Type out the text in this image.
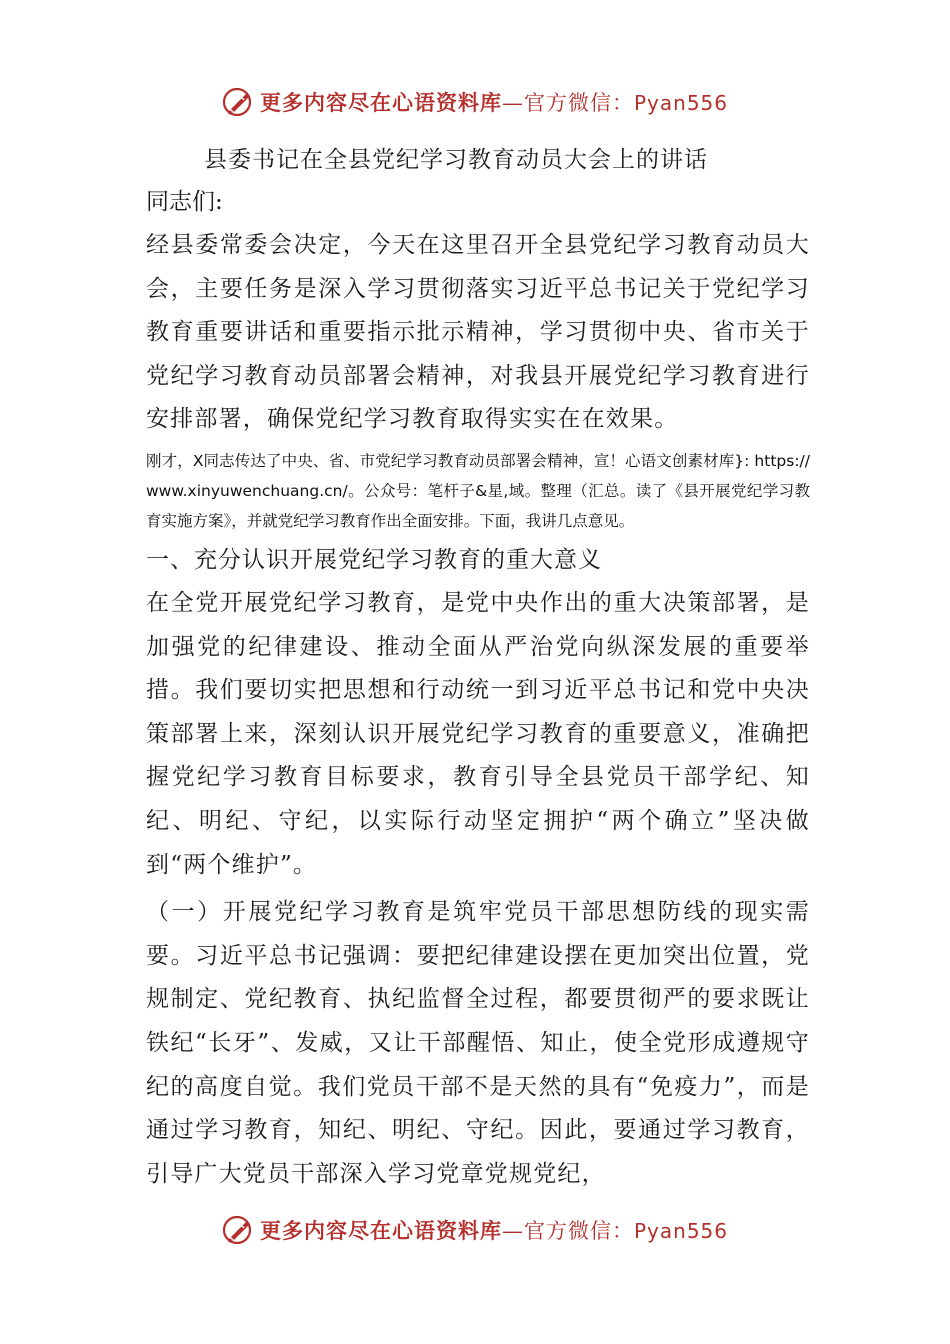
更多内容尽在心语资料库—官方微信：Pyan556
县委书记在全县党纪学习教育动员大会上的讲话
同志们:

经县委常委会决定，今天在这里召开全县党纪学习教育动员大会，主要任务是深入学习贯彻落实习近平总书记关于党纪学习教育重要讲话和重要指示批示精神，学习贯彻中央、省市关于党纪学习教育动员部署会精神，对我县开展党纪学习教育进行安排部署，确保党纪学习教育取得实实在在效果。

刚才，X同志传达了中央、省、市党纪学习教育动员部署会精神，宣！心语文创素材库}: https://www.xinyuwenchuang.cn/。公众号：笔杆子&星,域。整理（汇总。读了《县开展党纪学习教育实施方案》，并就党纪学习教育作出全面安排。下面，我讲几点意见。

一、充分认识开展党纪学习教育的重大意义

在全党开展党纪学习教育，是党中央作出的重大决策部署，是加强党的纪律建设、推动全面从严治党向纵深发展的重要举措。我们要切实把思想和行动统一到习近平总书记和党中央决策部署上来，深刻认识开展党纪学习教育的重要意义，准确把握党纪学习教育目标要求，教育引导全县党员干部学纪、知纪、明纪、守纪，以实际行动坚定拥护“两个确立”坚决做到“两个维护”。

（一）开展党纪学习教育是筑牢党员干部思想防线的现实需要。习近平总书记强调：要把纪律建设摆在更加突出位置，党规制定、党纪教育、执纪监督全过程，都要贯彻严的要求既让铁纪“长牙”、发威，又让干部醒悟、知止，使全党形成遵规守纪的高度自觉。我们党员干部不是天然的具有“免疫力”，而是通过学习教育，知纪、明纪、守纪。因此，要通过学习教育，引导广大党员干部深入学习党章党规党纪，

更多内容尽在心语资料库—官方微信：Pyan556
